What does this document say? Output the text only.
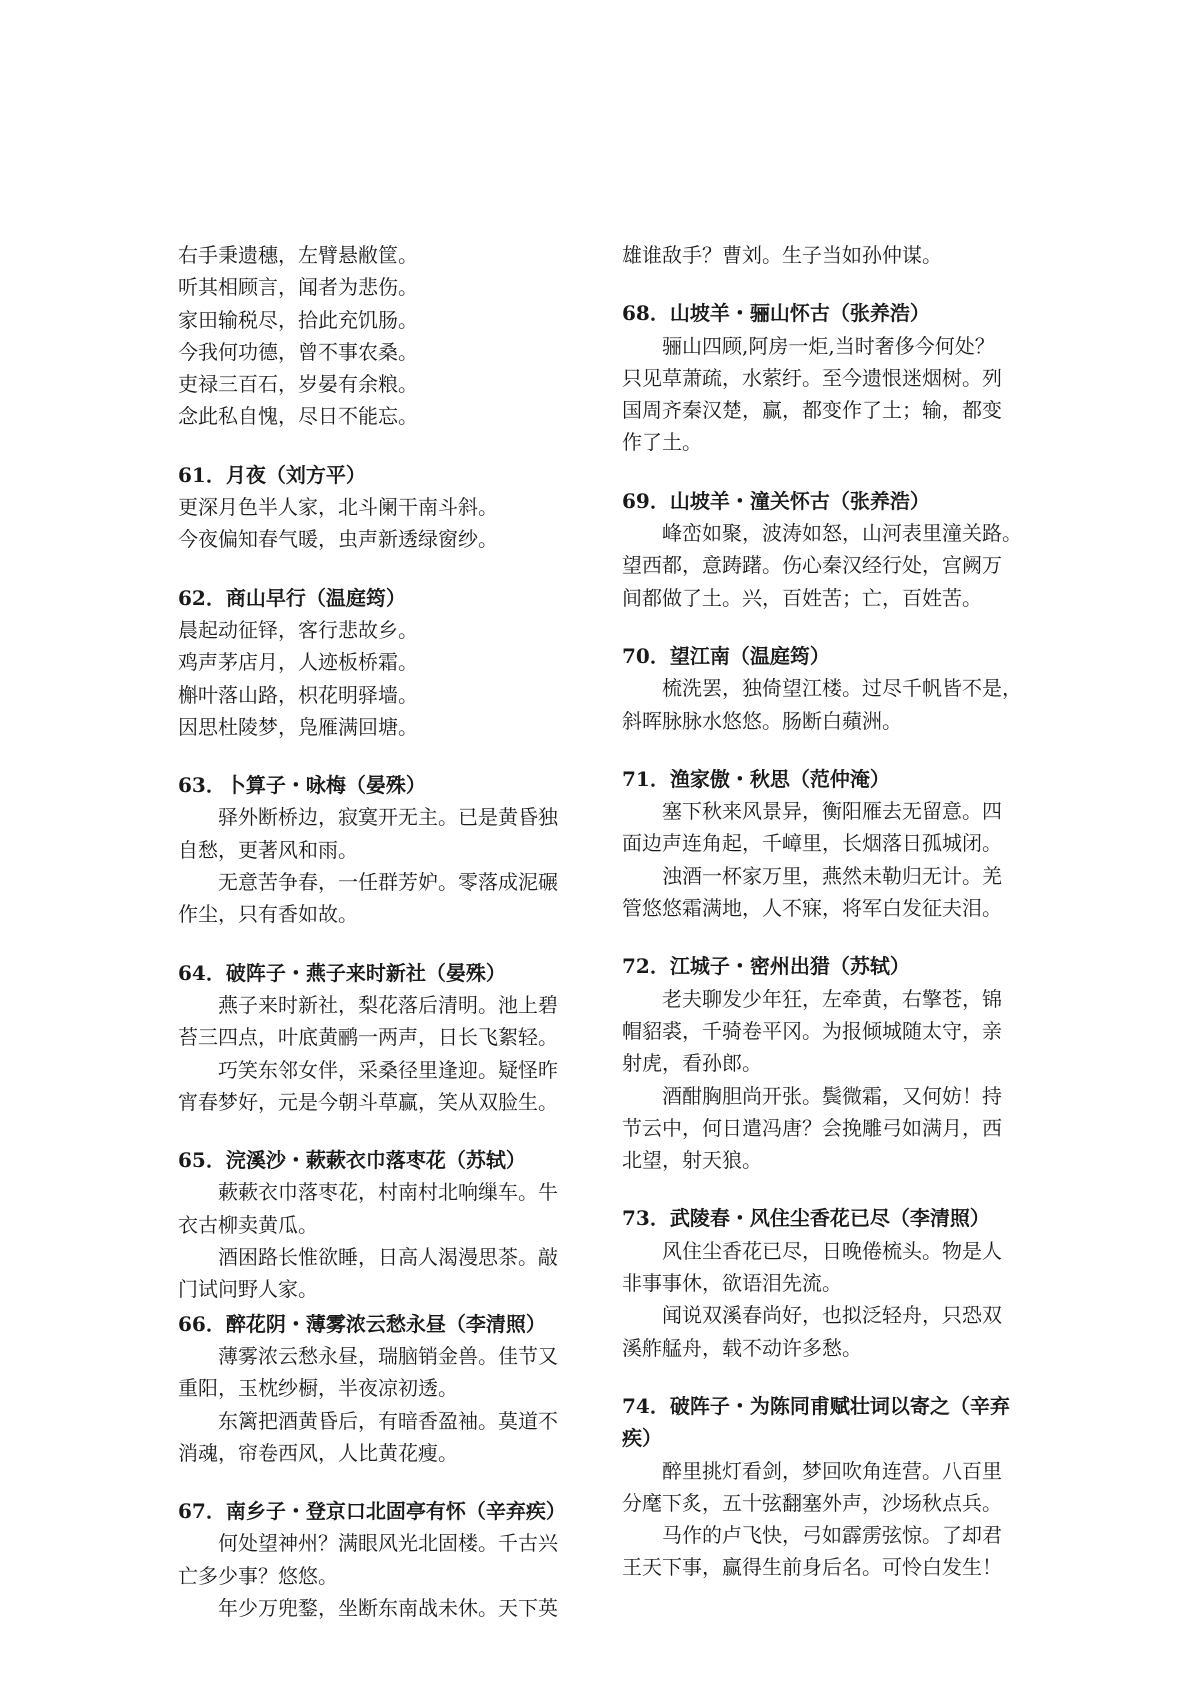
右手秉遗穗，左臂悬敝筐。
听其相顾言，闻者为悲伤。
家田输税尽，拾此充饥肠。
今我何功德，曾不事农桑。
吏禄三百石，岁晏有余粮。
念此私自愧，尽日不能忘。
61．月夜（刘方平）
更深月色半人家，北斗阑干南斗斜。
今夜偏知春气暖，虫声新透绿窗纱。
62．商山早行（温庭筠）
晨起动征铎，客行悲故乡。
鸡声茅店月，人迹板桥霜。
槲叶落山路，枳花明驿墙。
因思杜陵梦，凫雁满回塘。
63．卜算子・咏梅（晏殊）
　　驿外断桥边，寂寞开无主。已是黄昏独
自愁，更著风和雨。
　　无意苦争春，一任群芳妒。零落成泥碾
作尘，只有香如故。
64．破阵子・燕子来时新社（晏殊）
　　燕子来时新社，梨花落后清明。池上碧
苔三四点，叶底黄鹂一两声，日长飞絮轻。
　　巧笑东邻女伴，采桑径里逢迎。疑怪昨
宵春梦好，元是今朝斗草赢，笑从双脸生。
65．浣溪沙・蔌蔌衣巾落枣花（苏轼）
　　蔌蔌衣巾落枣花，村南村北响缫车。牛
衣古柳卖黄瓜。
　　酒困路长惟欲睡，日高人渴漫思茶。敲
门试问野人家。
66．醉花阴・薄雾浓云愁永昼（李清照）
　　薄雾浓云愁永昼，瑞脑销金兽。佳节又
重阳，玉枕纱橱，半夜凉初透。
　　东篱把酒黄昏后，有暗香盈袖。莫道不
消魂，帘卷西风，人比黄花瘦。
67．南乡子・登京口北固亭有怀（辛弃疾）
　　何处望神州？满眼风光北固楼。千古兴
亡多少事？悠悠。
　　年少万兜鍪，坐断东南战未休。天下英
雄谁敌手？曹刘。生子当如孙仲谋。
68．山坡羊・骊山怀古（张养浩）
　　骊山四顾,阿房一炬,当时奢侈今何处？
只见草萧疏，水萦纡。至今遗恨迷烟树。列
国周齐秦汉楚，赢，都变作了土；输，都变
作了土。
69．山坡羊・潼关怀古（张养浩）
　　峰峦如聚，波涛如怒，山河表里潼关路。
望西都，意踌躇。伤心秦汉经行处，宫阙万
间都做了土。兴，百姓苦；亡，百姓苦。
70．望江南（温庭筠）
　　梳洗罢，独倚望江楼。过尽千帆皆不是，
斜晖脉脉水悠悠。肠断白蘋洲。
71．渔家傲・秋思（范仲淹）
　　塞下秋来风景异，衡阳雁去无留意。四
面边声连角起，千嶂里，长烟落日孤城闭。
　　浊酒一杯家万里，燕然未勒归无计。羌
管悠悠霜满地，人不寐，将军白发征夫泪。
72．江城子・密州出猎（苏轼）
　　老夫聊发少年狂，左牵黄，右擎苍，锦
帽貂裘，千骑卷平冈。为报倾城随太守，亲
射虎，看孙郎。
　　酒酣胸胆尚开张。鬓微霜，又何妨！持
节云中，何日遣冯唐？会挽雕弓如满月，西
北望，射天狼。
73．武陵春・风住尘香花已尽（李清照）
　　风住尘香花已尽，日晚倦梳头。物是人
非事事休，欲语泪先流。
　　闻说双溪春尚好，也拟泛轻舟，只恐双
溪舴艋舟，载不动许多愁。
74．破阵子・为陈同甫赋壮词以寄之（辛弃
疾）
　　醉里挑灯看剑，梦回吹角连营。八百里
分麾下炙，五十弦翻塞外声，沙场秋点兵。
　　马作的卢飞快，弓如霹雳弦惊。了却君
王天下事，赢得生前身后名。可怜白发生！
